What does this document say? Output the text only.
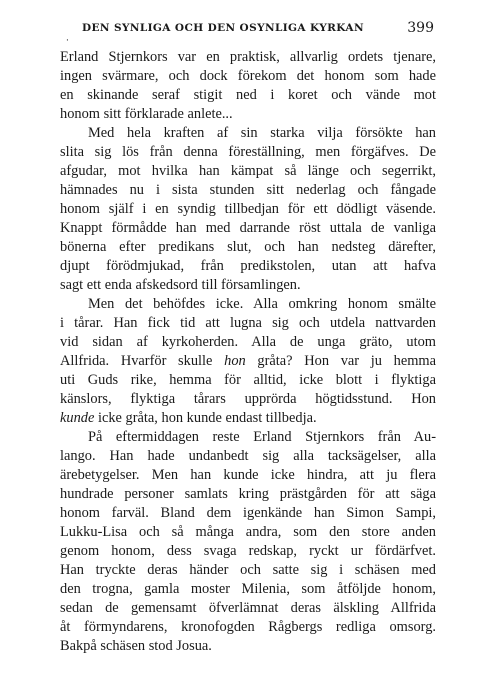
DEN SYNLIGA OCH DEN OSYNLIGA KYRKAN	399
·
Erland Stjernkors var en praktisk, allvarlig ordets tjenare,
ingen svärmare, och dock förekom det honom som hade
en skinande seraf stigit ned i koret och vände mot
honom sitt förklarade anlete...
Med hela kraften af sin starka vilja försökte han
slita sig lös från denna föreställning, men förgäfves. De
afgudar, mot hvilka han kämpat så länge och segerrikt,
hämnades nu i sista stunden sitt nederlag och fångade
honom själf i en syndig tillbedjan för ett dödligt väsende.
Knappt förmådde han med darrande röst uttala de vanliga
bönerna efter predikans slut, och han nedsteg därefter,
djupt förödmjukad, från predikstolen, utan att hafva
sagt ett enda afskedsord till församlingen.
Men det behöfdes icke. Alla omkring honom smälte
i tårar. Han fick tid att lugna sig och utdela nattvarden
vid sidan af kyrkoherden. Alla de unga gräto, utom
Allfrida. Hvarför skulle hon gråta? Hon var ju hemma
uti Guds rike, hemma för alltid, icke blott i flyktiga
känslors, flyktiga tårars upprörda högtidsstund. Hon
kunde icke gråta, hon kunde endast tillbedja.
På eftermiddagen reste Erland Stjernkors från Au-
lango. Han hade undanbedt sig alla tacksägelser, alla
ärebetygelser. Men han kunde icke hindra, att ju flera
hundrade personer samlats kring prästgården för att säga
honom farväl. Bland dem igenkände han Simon Sampi,
Lukku-Lisa och så många andra, som den store anden
genom honom, dess svaga redskap, ryckt ur fördärfvet.
Han tryckte deras händer och satte sig i schäsen med
den trogna, gamla moster Milenia, som åtföljde honom,
sedan de gemensamt öfverlämnat deras älskling Allfrida
åt förmyndarens, kronofogden Rågbergs redliga omsorg.
Bakpå schäsen stod Josua.
